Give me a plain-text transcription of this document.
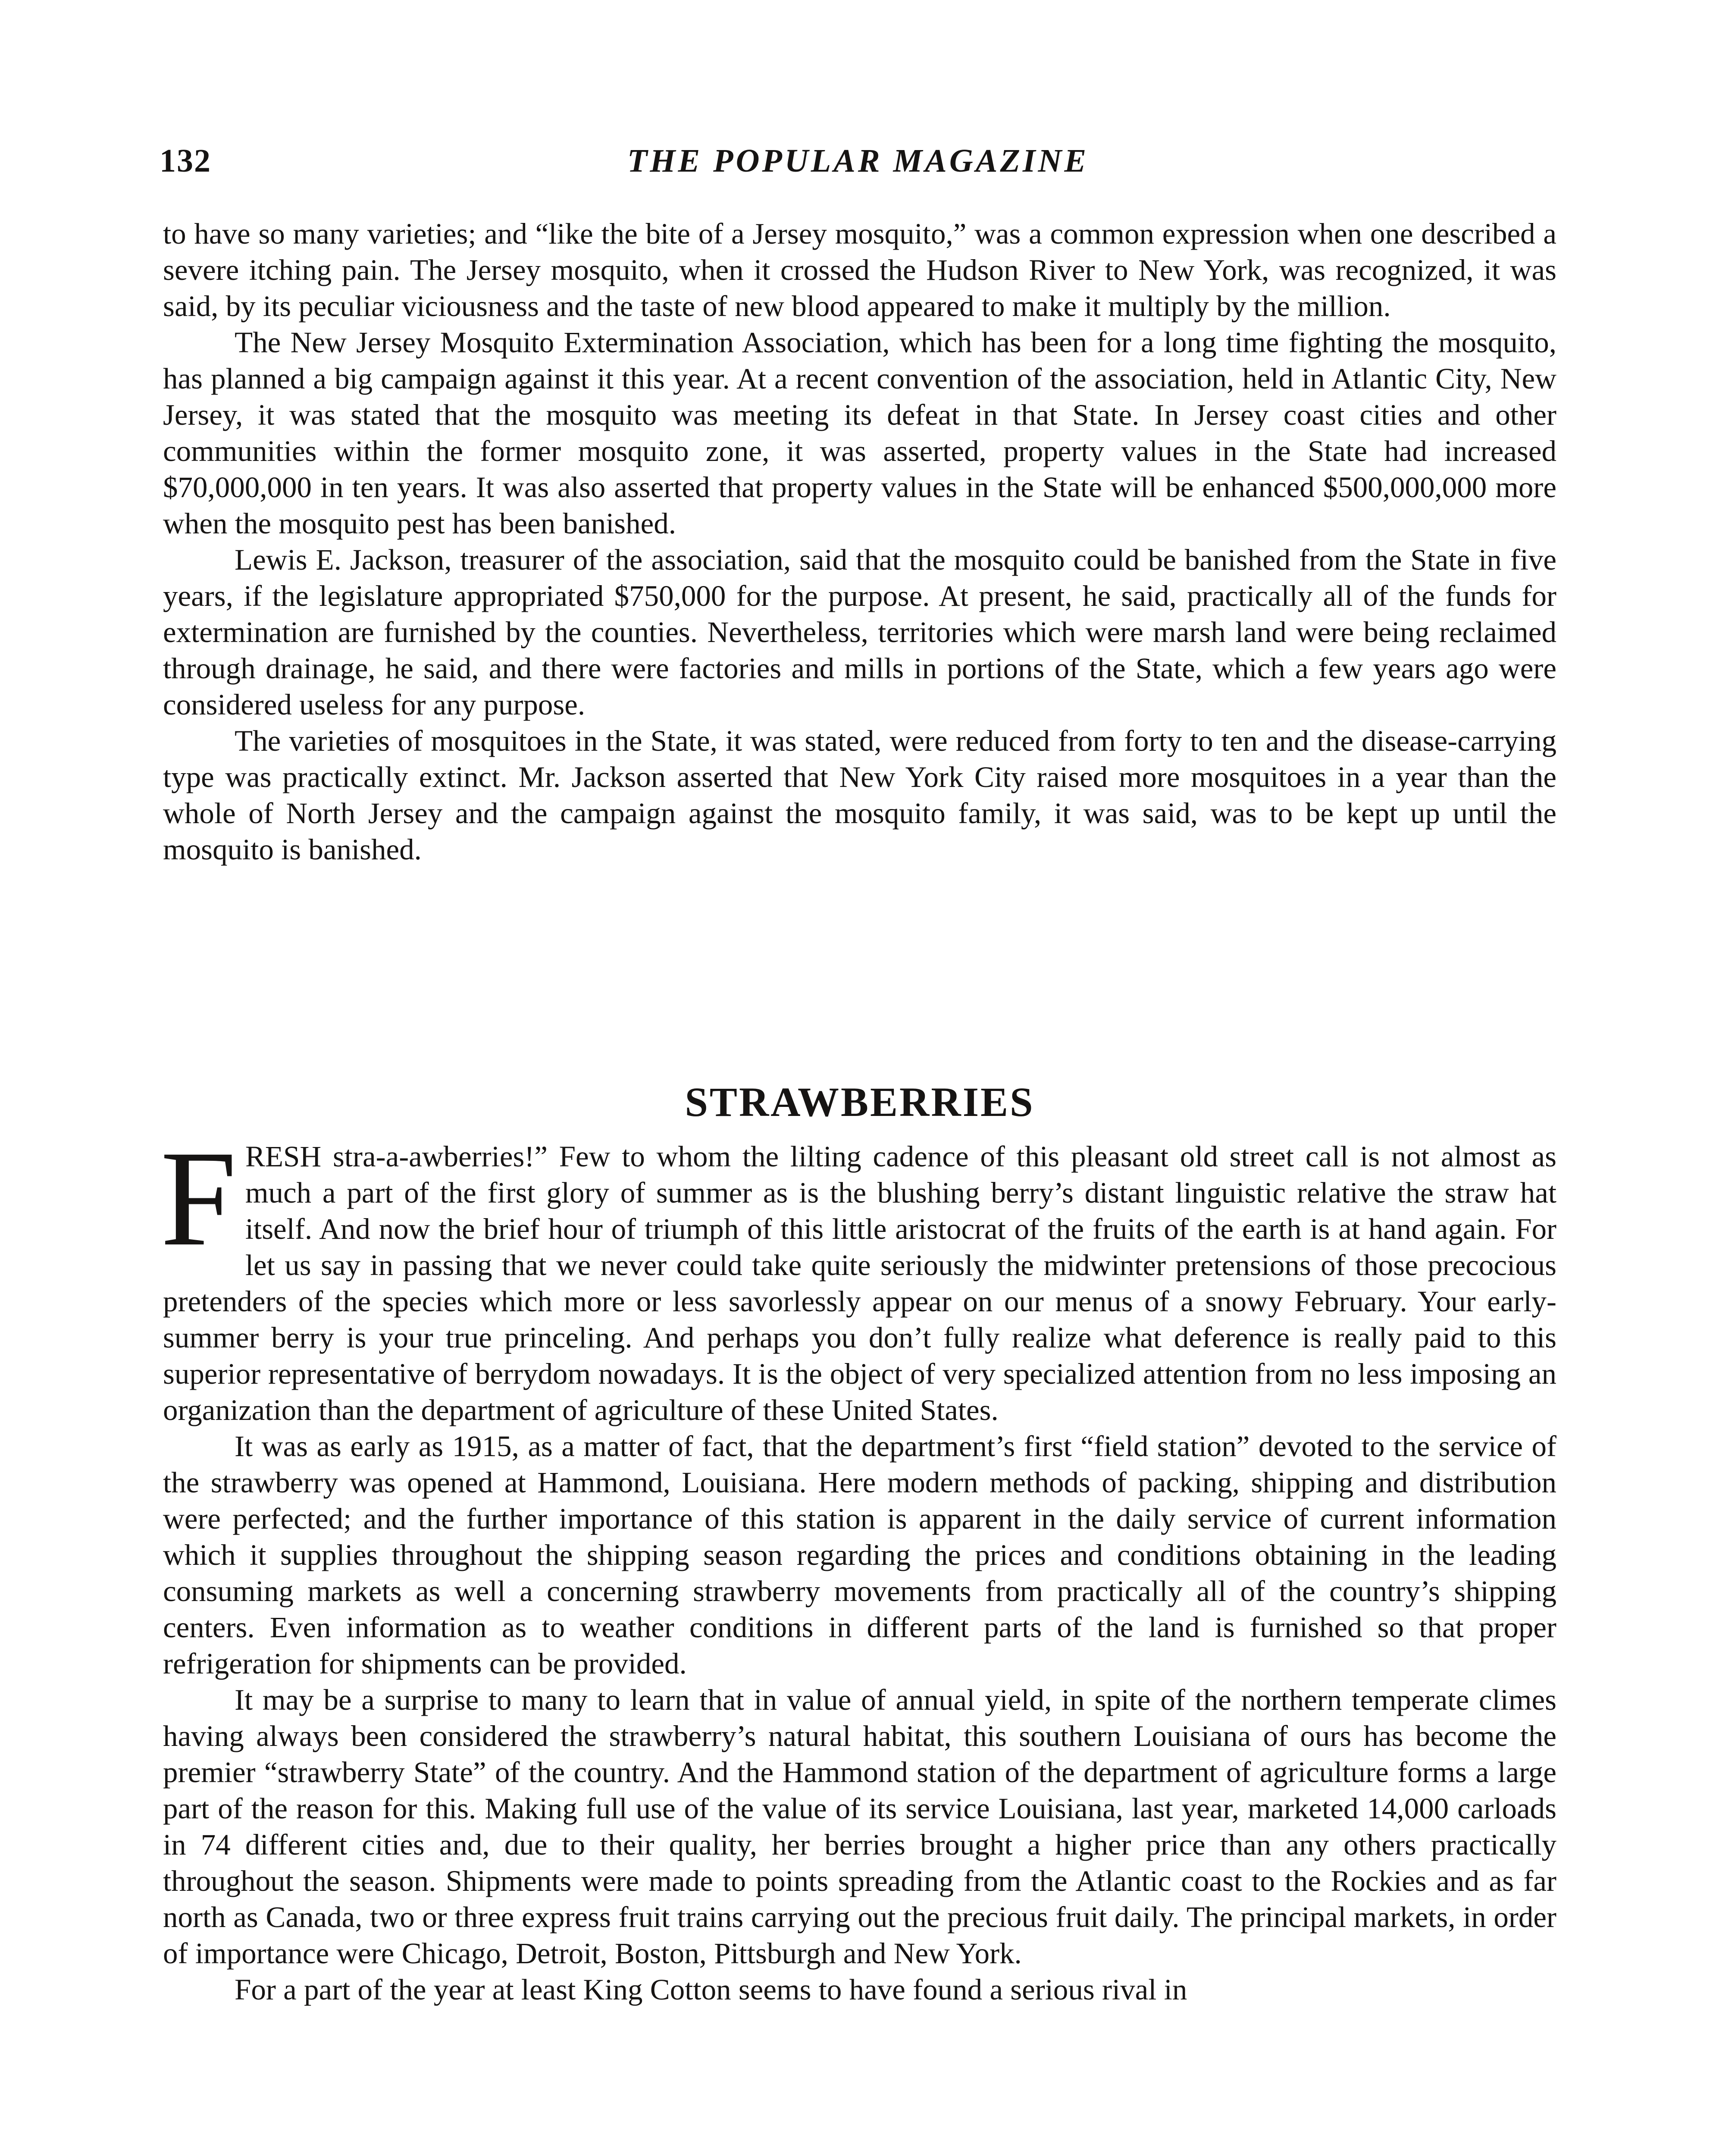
132	THE POPULAR MAGAZINE

to have so many varieties; and “like the bite of a Jersey mosquito,” was a common expression when one described a severe itching pain. The Jersey mosquito, when it crossed the Hudson River to New York, was recognized, it was said, by its peculiar viciousness and the taste of new blood appeared to make it multiply by the million.

The New Jersey Mosquito Extermination Association, which has been for a long time fighting the mosquito, has planned a big campaign against it this year. At a recent convention of the association, held in Atlantic City, New Jersey, it was stated that the mosquito was meeting its defeat in that State. In Jersey coast cities and other communities within the former mosquito zone, it was asserted, property values in the State had increased $70,000,000 in ten years. It was also asserted that property values in the State will be enhanced $500,000,000 more when the mosquito pest has been banished.

Lewis E. Jackson, treasurer of the association, said that the mosquito could be banished from the State in five years, if the legislature appropriated $750,000 for the purpose. At present, he said, practically all of the funds for extermination are furnished by the counties. Nevertheless, territories which were marsh land were being reclaimed through drainage, he said, and there were factories and mills in portions of the State, which a few years ago were considered useless for any purpose.

The varieties of mosquitoes in the State, it was stated, were reduced from forty to ten and the disease-carrying type was practically extinct. Mr. Jackson asserted that New York City raised more mosquitoes in a year than the whole of North Jersey and the campaign against the mosquito family, it was said, was to be kept up until the mosquito is banished.

STRAWBERRIES

FRESH stra-a-awberries!” Few to whom the lilting cadence of this pleasant old street call is not almost as much a part of the first glory of summer as is the blushing berry’s distant linguistic relative the straw hat itself. And now the brief hour of triumph of this little aristocrat of the fruits of the earth is at hand again. For let us say in passing that we never could take quite seriously the midwinter pretensions of those precocious pretenders of the species which more or less savorlessly appear on our menus of a snowy February. Your early-summer berry is your true princeling. And perhaps you don’t fully realize what deference is really paid to this superior representative of berrydom nowadays. It is the object of very specialized attention from no less imposing an organization than the department of agriculture of these United States.

It was as early as 1915, as a matter of fact, that the department’s first “field station” devoted to the service of the strawberry was opened at Hammond, Louisiana. Here modern methods of packing, shipping and distribution were perfected; and the further importance of this station is apparent in the daily service of current information which it supplies throughout the shipping season regarding the prices and conditions obtaining in the leading consuming markets as well a concerning strawberry movements from practically all of the country’s shipping centers. Even information as to weather conditions in different parts of the land is furnished so that proper refrigeration for shipments can be provided.

It may be a surprise to many to learn that in value of annual yield, in spite of the northern temperate climes having always been considered the strawberry’s natural habitat, this southern Louisiana of ours has become the premier “strawberry State” of the country. And the Hammond station of the department of agriculture forms a large part of the reason for this. Making full use of the value of its service Louisiana, last year, marketed 14,000 carloads in 74 different cities and, due to their quality, her berries brought a higher price than any others practically throughout the season. Shipments were made to points spreading from the Atlantic coast to the Rockies and as far north as Canada, two or three express fruit trains carrying out the precious fruit daily. The principal markets, in order of importance were Chicago, Detroit, Boston, Pittsburgh and New York.

For a part of the year at least King Cotton seems to have found a serious rival in
